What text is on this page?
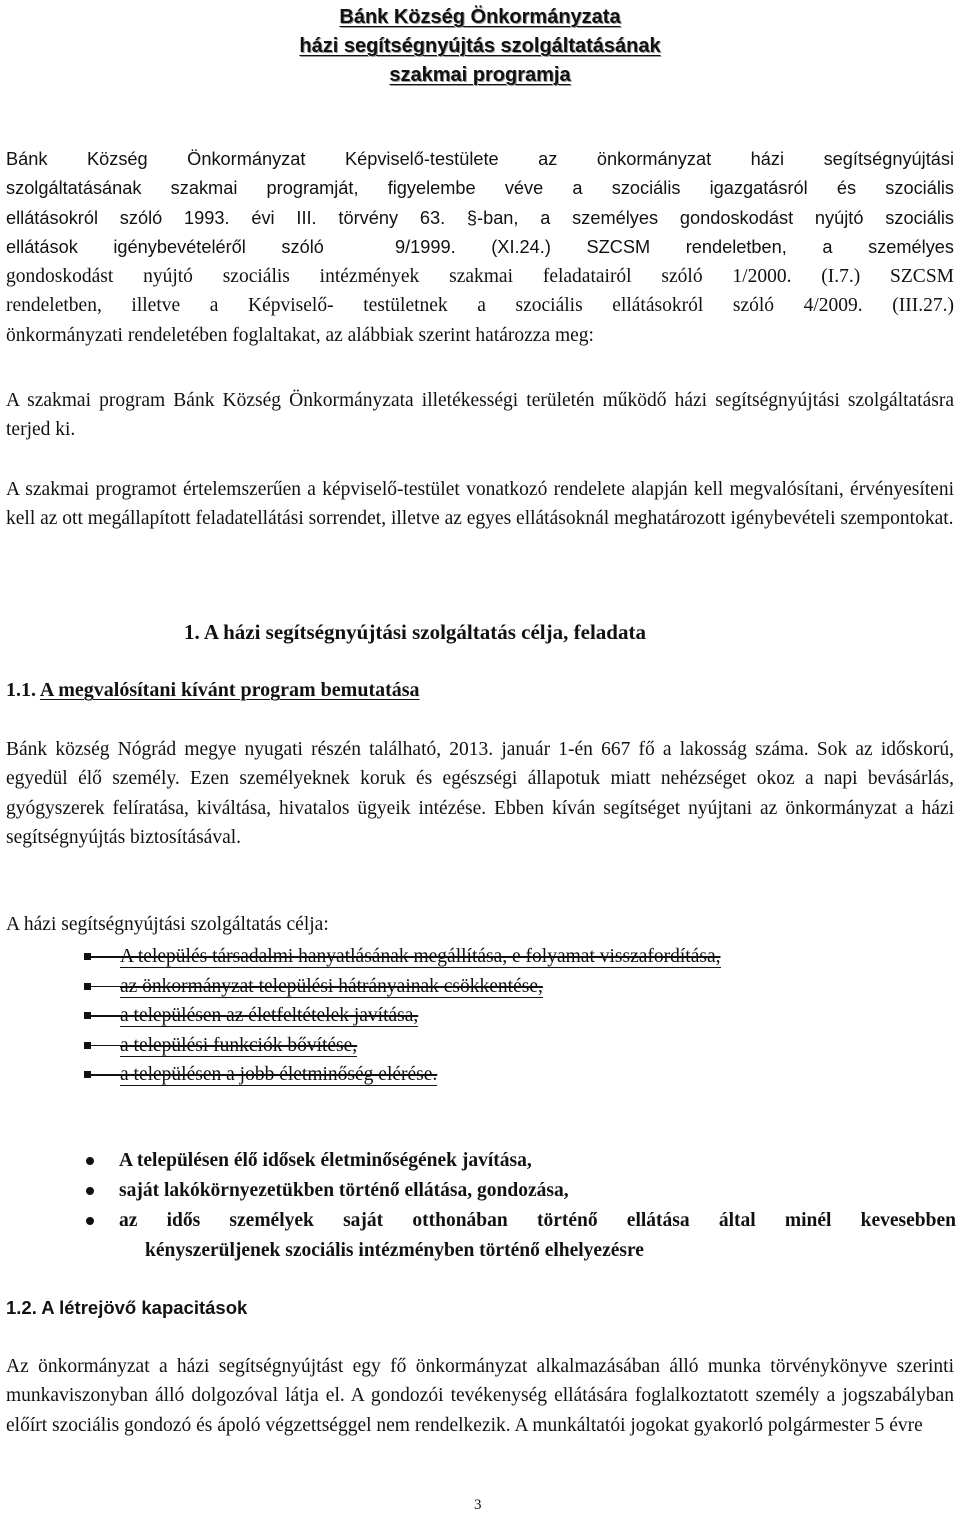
Bánk Község Önkormányzata
házi segítségnyújtás szolgáltatásának
szakmai programja
Bánk Község Önkormányzat Képviselő-testülete az önkormányzat házi segítségnyújtási
szolgáltatásának szakmai programját, figyelembe véve a szociális igazgatásról és szociális
ellátásokról szóló 1993. évi III. törvény 63. §-ban, a személyes gondoskodást nyújtó szociális
ellátások igénybevételéről szóló  9/1999. (XI.24.) SZCSM rendeletben, a személyes
gondoskodást nyújtó szociális intézmények szakmai feladatairól szóló 1/2000. (I.7.) SZCSM
rendeletben, illetve a Képviselő- testületnek a szociális ellátásokról szóló 4/2009. (III.27.)
önkormányzati rendeletében foglaltakat, az alábbiak szerint határozza meg:

A szakmai program Bánk Község Önkormányzata illetékességi területén működő házi segítségnyújtási szolgáltatásra terjed ki.

A szakmai programot értelemszerűen a képviselő-testület vonatkozó rendelete alapján kell megvalósítani, érvényesíteni kell az ott megállapított feladatellátási sorrendet, illetve az egyes ellátásoknál meghatározott igénybevételi szempontokat.

1. A házi segítségnyújtási szolgáltatás célja, feladata
1.1. A megvalósítani kívánt program bemutatása

Bánk község Nógrád megye nyugati részén található, 2013. január 1-én 667 fő a lakosság száma. Sok az időskorú, egyedül élő személy. Ezen személyeknek koruk és egészségi állapotuk miatt nehézséget okoz a napi bevásárlás, gyógyszerek felíratása, kiváltása, hivatalos ügyeik intézése. Ebben kíván segítséget nyújtani az önkormányzat a házi segítségnyújtás biztosításával.

A házi segítségnyújtási szolgáltatás célja:

A település társadalmi hanyatlásának megállítása, e folyamat visszafordítása,
az önkormányzat települési hátrányainak csökkentése,
a településen az életfeltételek javítása,
a települési funkciók bővítése,
a településen a jobb életminőség elérése.
A településen élő idősek életminőségének javítása,
saját lakókörnyezetükben történő ellátása, gondozása,
az idős személyek saját otthonában történő ellátása által minél kevesebben
kényszerüljenek szociális intézményben történő elhelyezésre
1.2. A létrejövő kapacitások

Az önkormányzat a házi segítségnyújtást egy fő önkormányzat alkalmazásában álló munka törvénykönyve szerinti munkaviszonyban álló dolgozóval látja el. A gondozói tevékenység ellátására foglalkoztatott személy a jogszabályban előírt szociális gondozó és ápoló végzettséggel nem rendelkezik. A munkáltatói jogokat gyakorló polgármester 5 évre

3
